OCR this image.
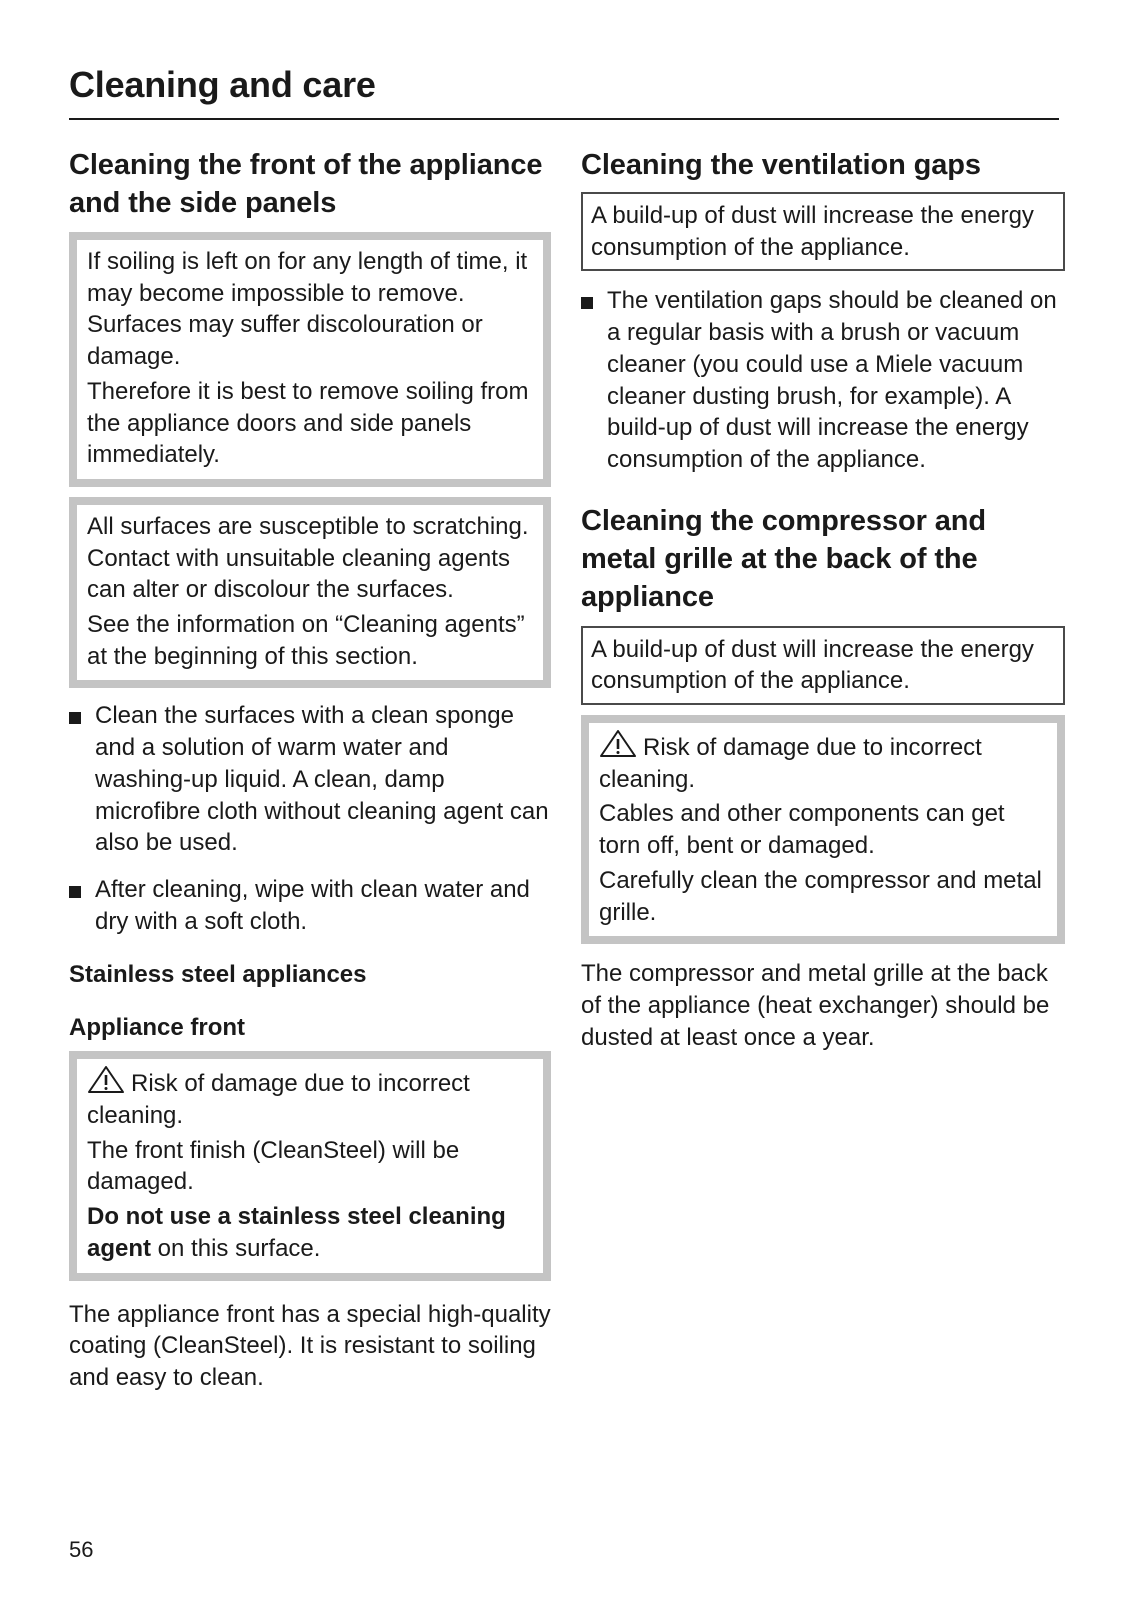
Cleaning and care
Cleaning the front of the appliance and the side panels

If soiling is left on for any length of time, it may become impossible to remove. Surfaces may suffer discolouration or damage.

Therefore it is best to remove soiling from the appliance doors and side panels immediately.

All surfaces are susceptible to scratching. Contact with unsuitable cleaning agents can alter or discolour the surfaces.

See the information on “Cleaning agents” at the beginning of this section.

Clean the surfaces with a clean sponge and a solution of warm water and washing-up liquid. A clean, damp microfibre cloth without cleaning agent can also be used.
After cleaning, wipe with clean water and dry with a soft cloth.
Stainless steel appliances
Appliance front

Risk of damage due to incorrect cleaning.

The front finish (CleanSteel) will be damaged.

Do not use a stainless steel cleaning agent on this surface.

The appliance front has a special high-quality coating (CleanSteel). It is resistant to soiling and easy to clean.

Cleaning the ventilation gaps
A build-up of dust will increase the energy consumption of the appliance.
The ventilation gaps should be cleaned on a regular basis with a brush or vacuum cleaner (you could use a Miele vacuum cleaner dusting brush, for example). A build-up of dust will increase the energy consumption of the appliance.
Cleaning the compressor and metal grille at the back of the appliance
A build-up of dust will increase the energy consumption of the appliance.

Risk of damage due to incorrect cleaning.

Cables and other components can get torn off, bent or damaged.

Carefully clean the compressor and metal grille.

The compressor and metal grille at the back of the appliance (heat exchanger) should be dusted at least once a year.

56
